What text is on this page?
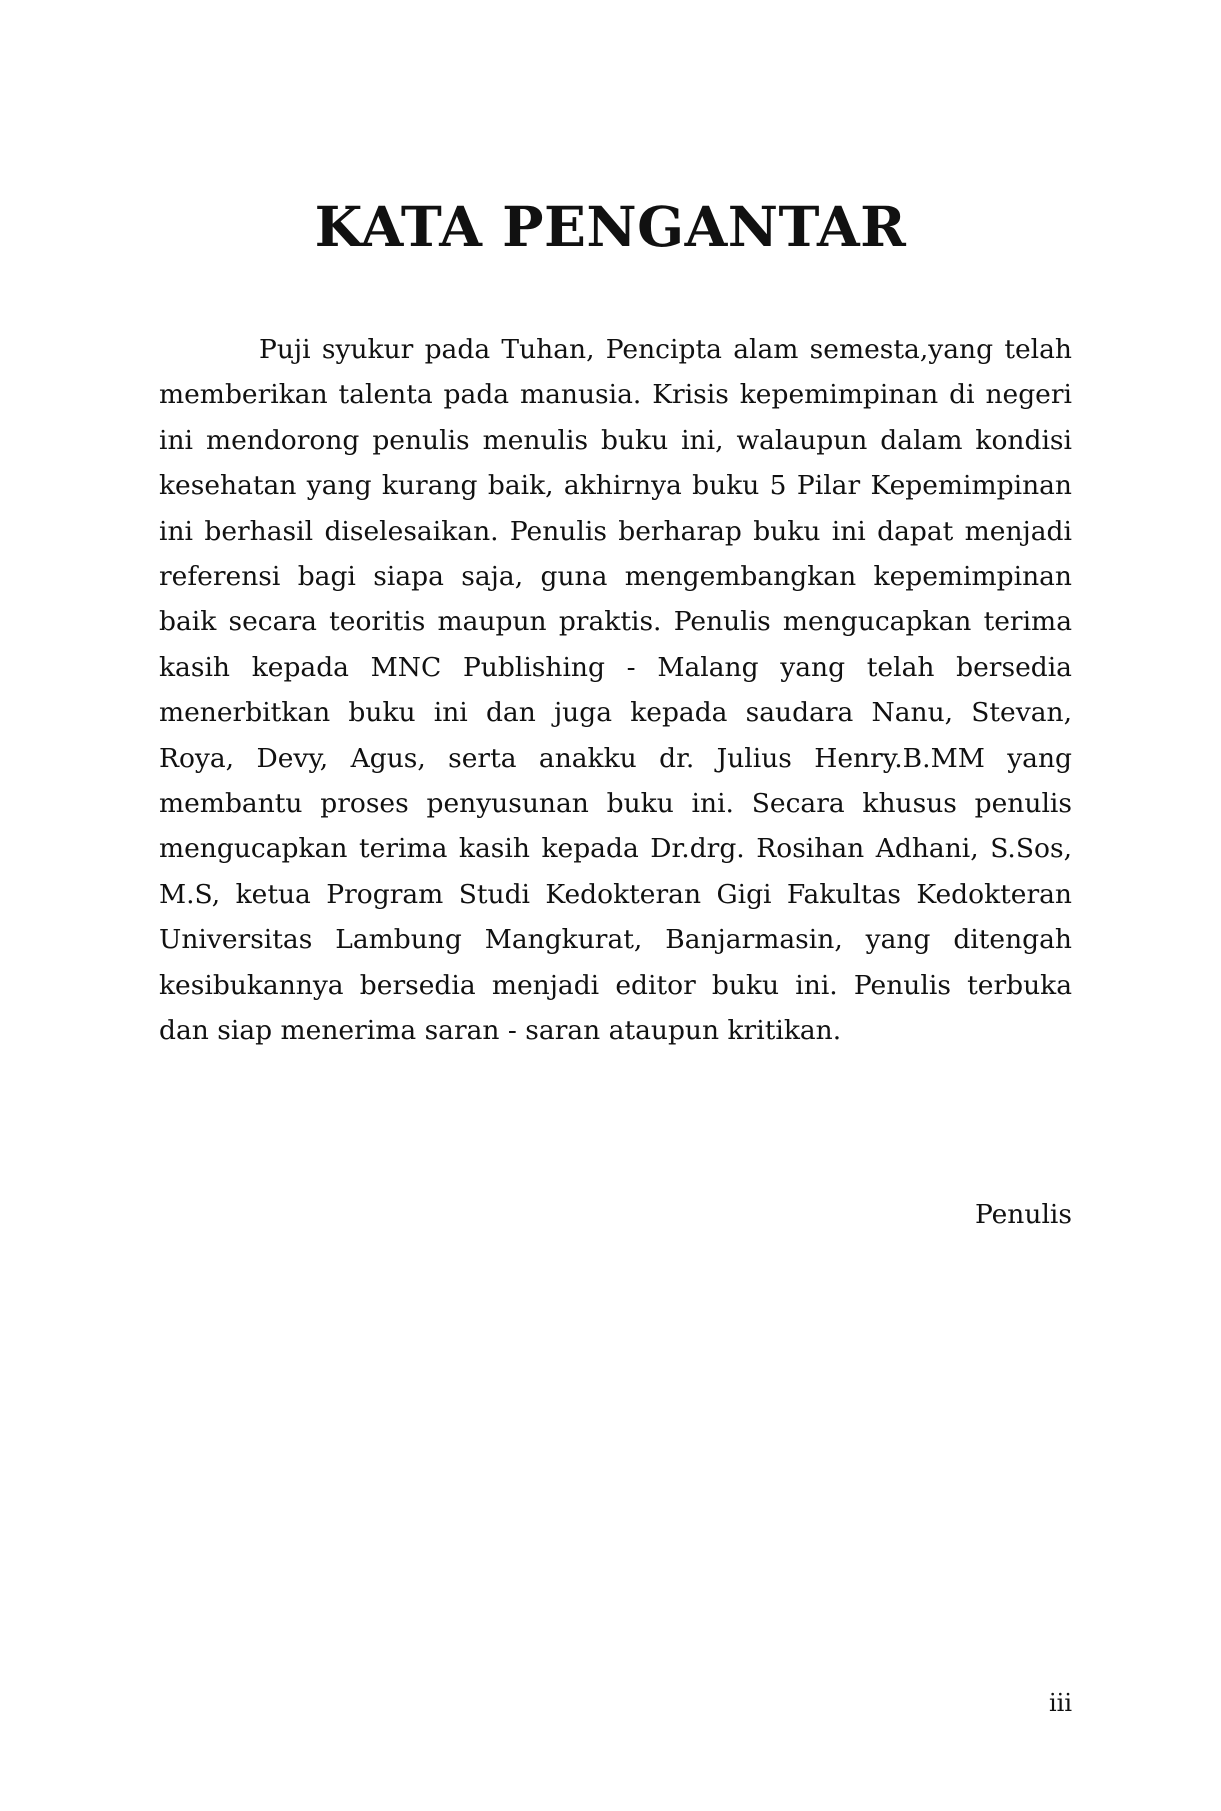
KATA PENGANTAR

Puji syukur pada Tuhan, Pencipta alam semesta,yang telah memberikan talenta pada manusia. Krisis kepemimpinan di negeri ini mendorong penulis menulis buku ini, walaupun dalam kondisi kesehatan yang kurang baik, akhirnya buku 5 Pilar Kepemimpinan ini berhasil diselesaikan. Penulis berharap buku ini dapat menjadi referensi bagi siapa saja, guna mengembangkan kepemimpinan baik secara teoritis maupun praktis. Penulis mengucapkan terima kasih kepada MNC Publishing - Malang yang telah bersedia menerbitkan buku ini dan juga kepada saudara Nanu, Stevan, Roya, Devy, Agus, serta anakku dr. Julius Henry.B.MM yang membantu proses penyusunan buku ini. Secara khusus penulis mengucapkan terima kasih kepada Dr.drg. Rosihan Adhani, S.Sos, M.S, ketua Program Studi Kedokteran Gigi Fakultas Kedokteran Universitas Lambung Mangkurat, Banjarmasin, yang ditengah kesibukannya bersedia menjadi editor buku ini. Penulis terbuka dan siap menerima saran - saran ataupun kritikan.

Penulis

iii
